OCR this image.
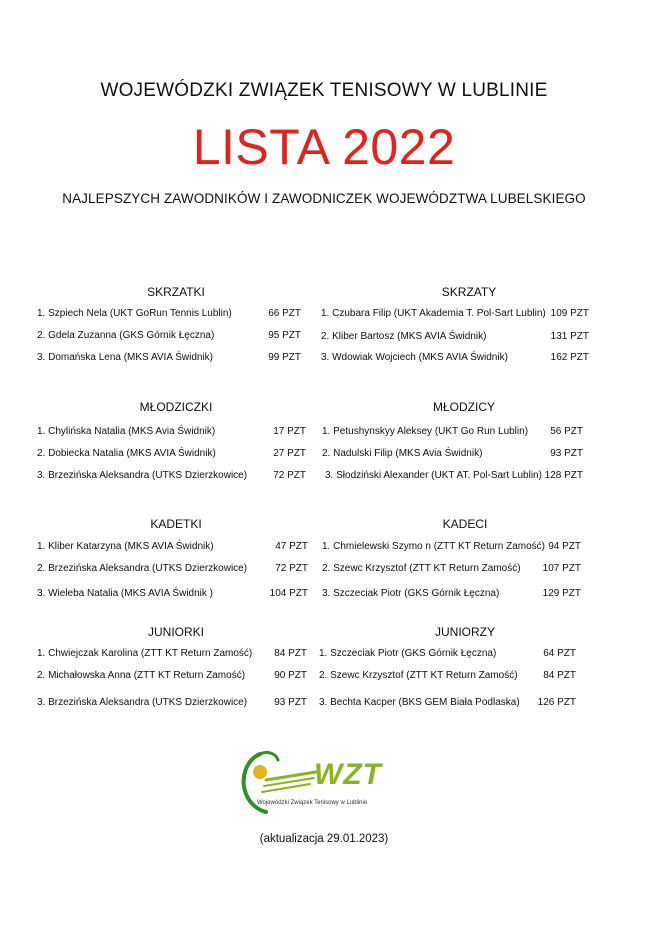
WOJEWÓDZKI ZWIĄZEK TENISOWY W LUBLINIE
LISTA 2022
NAJLEPSZYCH ZAWODNIKÓW I ZAWODNICZEK WOJEWÓDZTWA LUBELSKIEGO
SKRZATKI
1. Szpiech Nela (UKT GoRun Tennis Lublin)	66 PZT
2. Gdela Zuzanna (GKS Górnik Łęczna)	95 PZT
3. Domańska Lena (MKS AVIA Świdnik)	99 PZT
SKRZATY
1. Czubara Filip (UKT Akademia T. Pol-Sart Lublin) 109 PZT
2. Kliber Bartosz (MKS AVIA Świdnik)	131 PZT
3. Wdowiak Wojciech (MKS AVIA Świdnik)	162 PZT
MŁODZICZKI
1. Chylińska Natalia (MKS Avia Świdnik)	17 PZT
2. Dobiecka Natalia (MKS AVIA Świdnik)	27 PZT
3. Brzezińska Aleksandra (UTKS Dzierzkowice)	72 PZT
MŁODZICY
1. Petushynskyy Aleksey (UKT Go Run Lublin)	56 PZT
2. Nadulski Filip (MKS Avia Świdnik)	93 PZT
3. Słodziński Alexander (UKT AT. Pol-Sart Lublin) 128 PZT
KADETKI
1. Kliber Katarzyna (MKS AVIA Świdnik)	47 PZT
2. Brzezińska Aleksandra (UTKS Dzierzkowice)	72 PZT
3. Wieleba Natalia (MKS AVIA Świdnik )	104 PZT
KADECI
1. Chmielewski Szymo n (ZTT KT Return Zamość) 94 PZT
2. Szewc Krzysztof (ZTT KT Return Zamość)	107 PZT
3. Szczeciak Piotr (GKS Górnik Łęczna)	129 PZT
JUNIORKI
1. Chwiejczak Karolina (ZTT KT Return Zamość)	84 PZT
2. Michałowska Anna (ZTT KT Return Zamość)	90 PZT
3. Brzezińska Aleksandra (UTKS Dzierzkowice)	93 PZT
JUNIORZY
1. Szczeciak Piotr (GKS Górnik Łęczna)	64 PZT
2. Szewc Krzysztof (ZTT KT Return Zamość)	84 PZT
3. Bechta Kacper (BKS GEM Biała Podlaska)	126 PZT
WZT
Wojewódzki Związek Tenisowy w Lublinie
(aktualizacja 29.01.2023)
